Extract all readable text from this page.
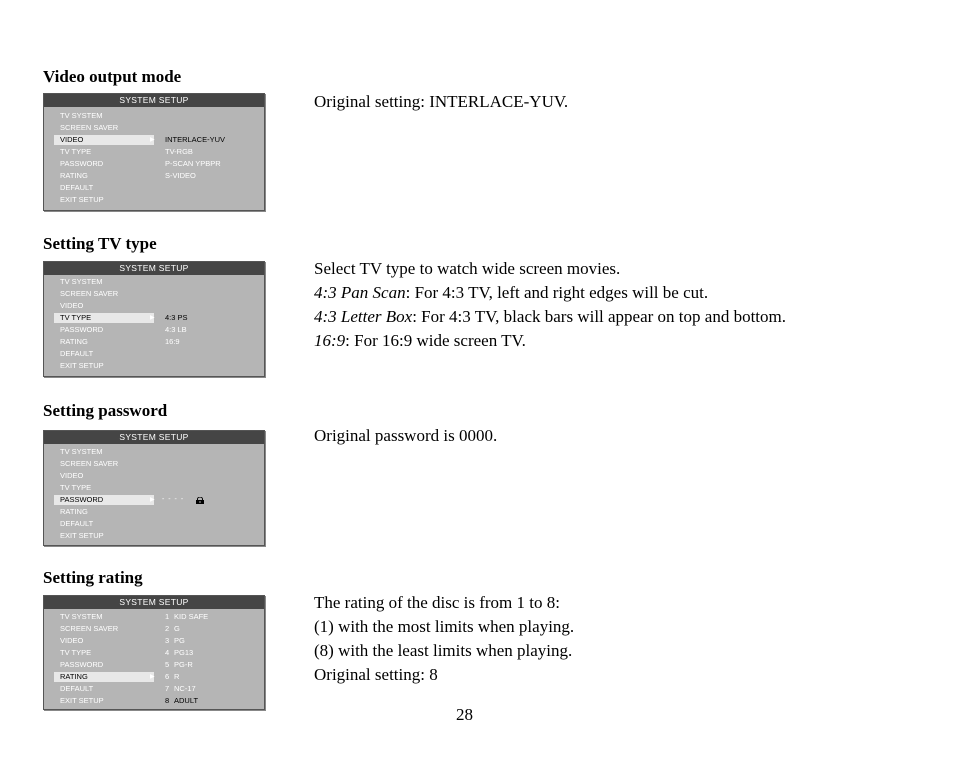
Video output mode
SYSTEM SETUP
TV SYSTEM
SCREEN SAVER
VIDEO	▶ INTERLACE-YUV
TV TYPE	TV-RGB
PASSWORD	P-SCAN YPBPR
RATING	S-VIDEO
DEFAULT
EXIT SETUP
Original setting: INTERLACE-YUV.
Setting TV type
SYSTEM SETUP
TV SYSTEM
SCREEN SAVER
VIDEO
TV TYPE	▶ 4:3 PS
PASSWORD	4:3 LB
RATING	16:9
DEFAULT
EXIT SETUP
Select TV type to watch wide screen movies.
4:3 Pan Scan: For 4:3 TV, left and right edges will be cut.
4:3 Letter Box: For 4:3 TV, black bars will appear on top and bottom.
16:9: For 16:9 wide screen TV.
Setting password
SYSTEM SETUP
TV SYSTEM
SCREEN SAVER
VIDEO
TV TYPE
PASSWORD	▶ - - - -
RATING
DEFAULT
EXIT SETUP
Original password is 0000.
Setting rating
SYSTEM SETUP
TV SYSTEM	1 KID SAFE
SCREEN SAVER	2 G
VIDEO	3 PG
TV TYPE	4 PG13
PASSWORD	5 PG-R
RATING	▶ 6 R
DEFAULT	7 NC-17
EXIT SETUP	8 ADULT
The rating of the disc is from 1 to 8:
(1) with the most limits when playing.
(8) with the least limits when playing.
Original setting: 8
28
